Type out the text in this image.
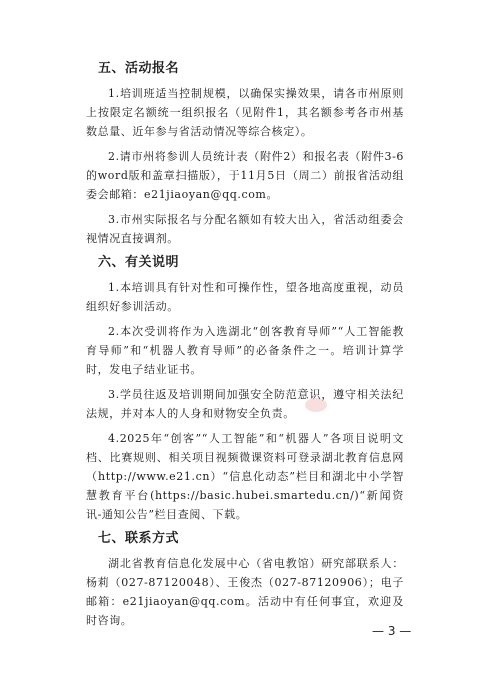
五、活动报名

1.培训班适当控制规模，以确保实操效果，请各市州原则上按限定名额统一组织报名（见附件1，其名额参考各市州基数总量、近年参与省活动情况等综合核定）。

2.请市州将参训人员统计表（附件2）和报名表（附件3-6的word版和盖章扫描版），于11月5日（周二）前报省活动组委会邮箱：e21jiaoyan@qq.com。

3.市州实际报名与分配名额如有较大出入，省活动组委会视情况直接调剂。

六、有关说明

1.本培训具有针对性和可操作性，望各地高度重视，动员组织好参训活动。

2.本次受训将作为入选湖北“创客教育导师”“人工智能教育导师”和“机器人教育导师”的必备条件之一。培训计算学时，发电子结业证书。

3.学员往返及培训期间加强安全防范意识，遵守相关法纪法规，并对本人的人身和财物安全负责。

4.2025年“创客”“人工智能”和“机器人”各项目说明文档、比赛规则、相关项目视频微课资料可登录湖北教育信息网（http://www.e21.cn）“信息化动态”栏目和湖北中小学智慧教育平台(https://basic.hubei.smartedu.cn/)“新闻资讯-通知公告”栏目查阅、下载。

七、联系方式

湖北省教育信息化发展中心（省电教馆）研究部联系人：杨莉（027-87120048）、王俊杰（027-87120906）；电子邮箱：e21jiaoyan@qq.com。活动中有任何事宜，欢迎及时咨询。

— 3 —
